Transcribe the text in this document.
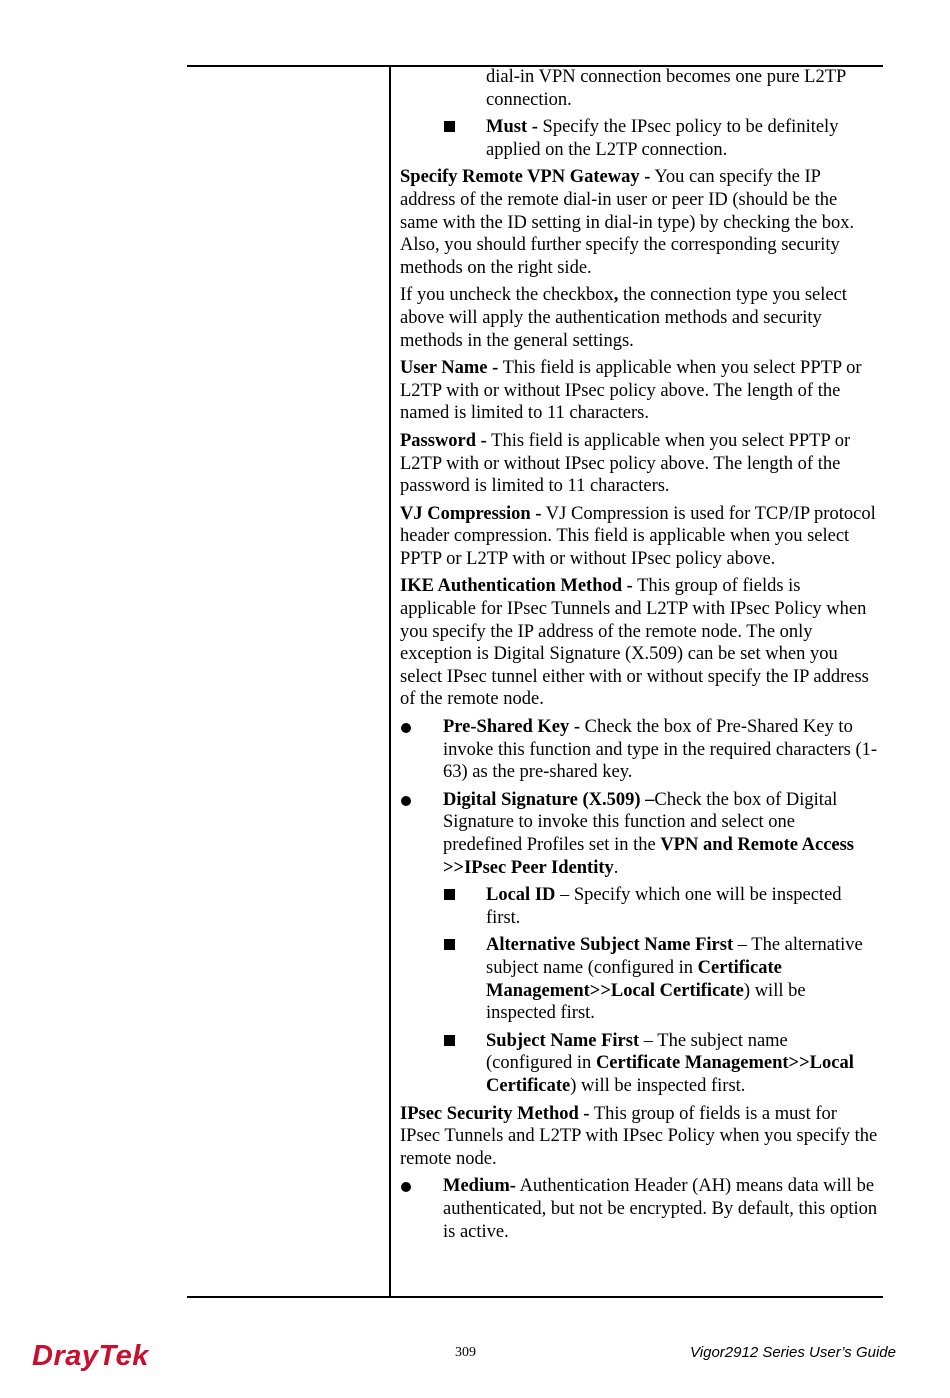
dial-in VPN connection becomes one pure L2TP connection.
Must - Specify the IPsec policy to be definitely applied on the L2TP connection.

Specify Remote VPN Gateway - You can specify the IP address of the remote dial-in user or peer ID (should be the same with the ID setting in dial-in type) by checking the box. Also, you should further specify the corresponding security methods on the right side.

If you uncheck the checkbox, the connection type you select above will apply the authentication methods and security methods in the general settings.

User Name - This field is applicable when you select PPTP or L2TP with or without IPsec policy above. The length of the named is limited to 11 characters.

Password - This field is applicable when you select PPTP or L2TP with or without IPsec policy above. The length of the password is limited to 11 characters.

VJ Compression - VJ Compression is used for TCP/IP protocol header compression. This field is applicable when you select PPTP or L2TP with or without IPsec policy above.

IKE Authentication Method - This group of fields is applicable for IPsec Tunnels and L2TP with IPsec Policy when you specify the IP address of the remote node. The only exception is Digital Signature (X.509) can be set when you select IPsec tunnel either with or without specify the IP address of the remote node.

Pre-Shared Key - Check the box of Pre-Shared Key to invoke this function and type in the required characters (1-63) as the pre-shared key.
Digital Signature (X.509) –Check the box of Digital Signature to invoke this function and select one predefined Profiles set in the VPN and Remote Access >>IPsec Peer Identity.
Local ID – Specify which one will be inspected first.
Alternative Subject Name First – The alternative subject name (configured in Certificate Management>>Local Certificate) will be inspected first.
Subject Name First – The subject name (configured in Certificate Management>>Local Certificate) will be inspected first.

IPsec Security Method - This group of fields is a must for IPsec Tunnels and L2TP with IPsec Policy when you specify the remote node.

Medium- Authentication Header (AH) means data will be authenticated, but not be encrypted. By default, this option is active.
Dray Tek	309	Vigor2912 Series User’s Guide
